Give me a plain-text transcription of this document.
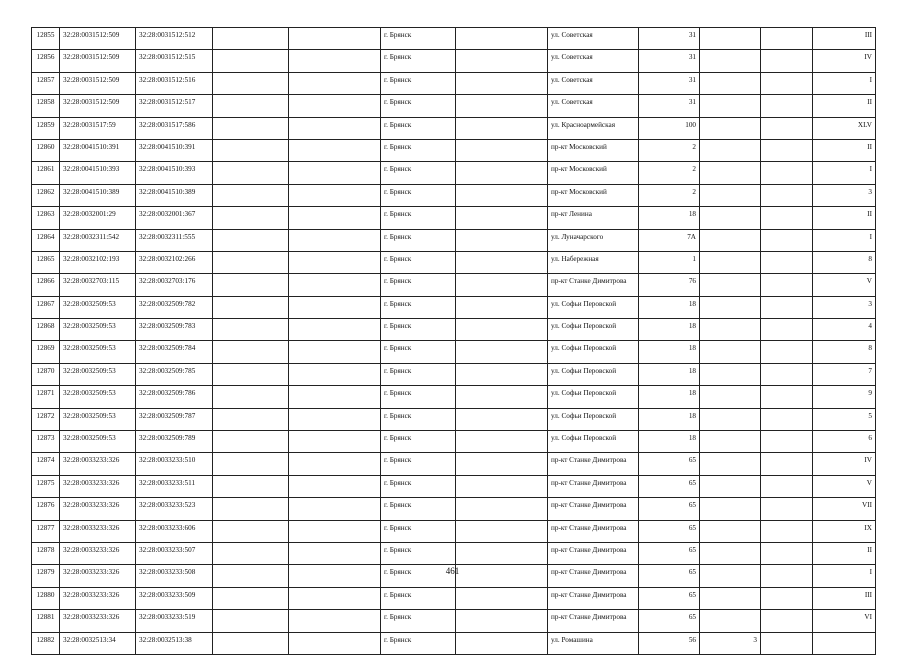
12855	32:28:0031512:509	32:28:0031512:512			г. Брянск		ул. Советская	31			III
12856	32:28:0031512:509	32:28:0031512:515			г. Брянск		ул. Советская	31			IV
12857	32:28:0031512:509	32:28:0031512:516			г. Брянск		ул. Советская	31			I
12858	32:28:0031512:509	32:28:0031512:517			г. Брянск		ул. Советская	31			II
12859	32:28:0031517:59	32:28:0031517:586			г. Брянск		ул. Красноармейская	100			XLV
12860	32:28:0041510:391	32:28:0041510:391			г. Брянск		пр-кт Московский	2			II
12861	32:28:0041510:393	32:28:0041510:393			г. Брянск		пр-кт Московский	2			I
12862	32:28:0041510:389	32:28:0041510:389			г. Брянск		пр-кт Московский	2			3
12863	32:28:0032001:29	32:28:0032001:367			г. Брянск		пр-кт Ленина	18			II
12864	32:28:0032311:542	32:28:0032311:555			г. Брянск		ул. Луначарского	7А			I
12865	32:28:0032102:193	32:28:0032102:266			г. Брянск		ул. Набережная	1			8
12866	32:28:0032703:115	32:28:0032703:176			г. Брянск		пр-кт Станке Димитрова	76			V
12867	32:28:0032509:53	32:28:0032509:782			г. Брянск		ул. Софьи Перовской	18			3
12868	32:28:0032509:53	32:28:0032509:783			г. Брянск		ул. Софьи Перовской	18			4
12869	32:28:0032509:53	32:28:0032509:784			г. Брянск		ул. Софьи Перовской	18			8
12870	32:28:0032509:53	32:28:0032509:785			г. Брянск		ул. Софьи Перовской	18			7
12871	32:28:0032509:53	32:28:0032509:786			г. Брянск		ул. Софьи Перовской	18			9
12872	32:28:0032509:53	32:28:0032509:787			г. Брянск		ул. Софьи Перовской	18			5
12873	32:28:0032509:53	32:28:0032509:789			г. Брянск		ул. Софьи Перовской	18			6
12874	32:28:0033233:326	32:28:0033233:510			г. Брянск		пр-кт Станке Димитрова	65			IV
12875	32:28:0033233:326	32:28:0033233:511			г. Брянск		пр-кт Станке Димитрова	65			V
12876	32:28:0033233:326	32:28:0033233:523			г. Брянск		пр-кт Станке Димитрова	65			VII
12877	32:28:0033233:326	32:28:0033233:606			г. Брянск		пр-кт Станке Димитрова	65			IX
12878	32:28:0033233:326	32:28:0033233:507			г. Брянск		пр-кт Станке Димитрова	65			II
12879	32:28:0033233:326	32:28:0033233:508			г. Брянск		пр-кт Станке Димитрова	65			I
12880	32:28:0033233:326	32:28:0033233:509			г. Брянск		пр-кт Станке Димитрова	65			III
12881	32:28:0033233:326	32:28:0033233:519			г. Брянск		пр-кт Станке Димитрова	65			VI
12882	32:28:0032513:34	32:28:0032513:38			г. Брянск		ул. Ромашина	56	3		
461
